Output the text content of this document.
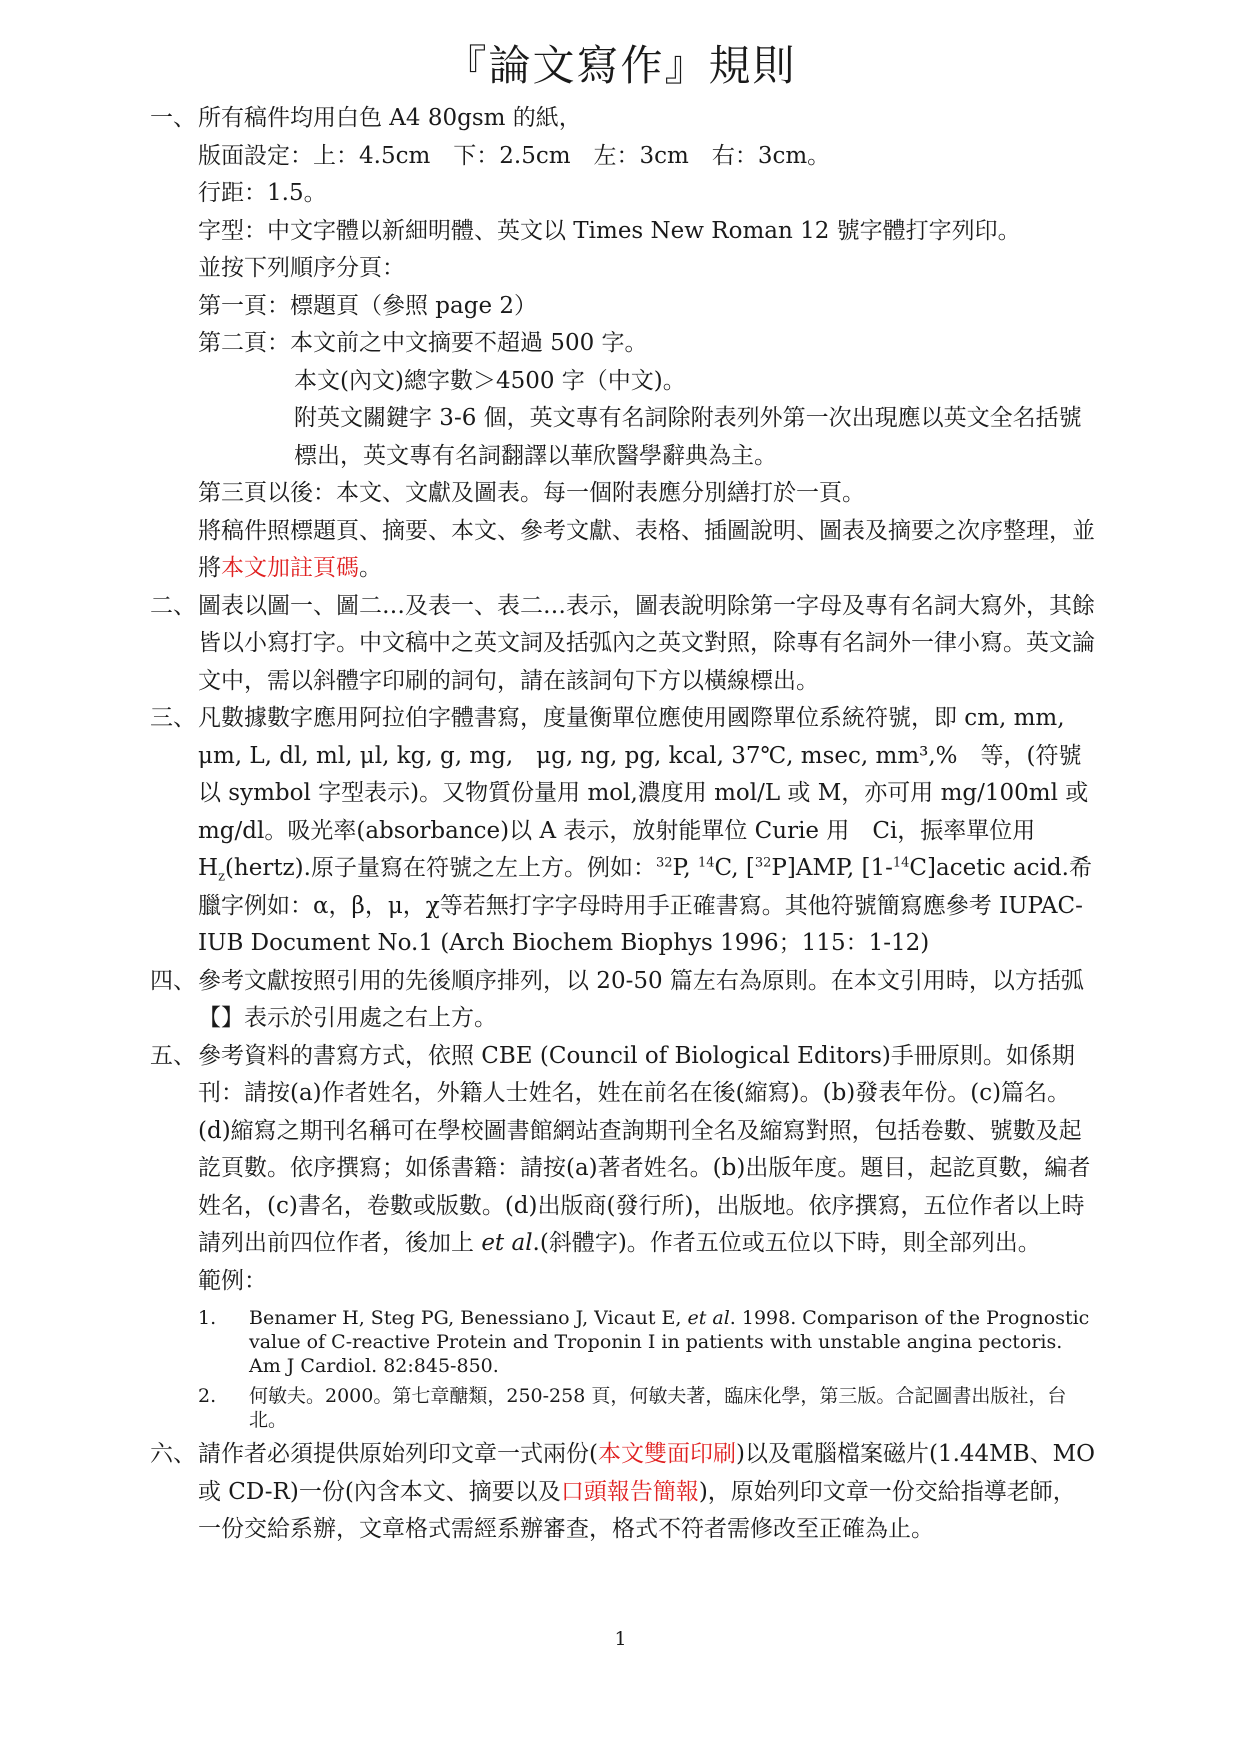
『論文寫作』規則
一、 所有稿件均用白色 A4 80gsm 的紙，

版面設定：上：4.5cm　下：2.5cm　左：3cm　右：3cm。

行距：1.5。

字型：中文字體以新細明體、英文以 Times New Roman 12 號字體打字列印。

並按下列順序分頁：

第一頁：標題頁（參照 page 2）

第二頁：本文前之中文摘要不超過 500 字。

本文(內文)總字數＞4500 字（中文)。

附英文關鍵字 3-6 個，英文專有名詞除附表列外第一次出現應以英文全名括號標出，英文專有名詞翻譯以華欣醫學辭典為主。

第三頁以後：本文、文獻及圖表。每一個附表應分別繕打於一頁。

將稿件照標題頁、摘要、本文、參考文獻、表格、插圖說明、圖表及摘要之次序整理，並將本文加註頁碼。

二、 圖表以圖一、圖二…及表一、表二…表示，圖表說明除第一字母及專有名詞大寫外，其餘皆以小寫打字。中文稿中之英文詞及括弧內之英文對照，除專有名詞外一律小寫。英文論文中，需以斜體字印刷的詞句，請在該詞句下方以橫線標出。

三、 凡數據數字應用阿拉伯字體書寫，度量衡單位應使用國際單位系統符號，即 cm, mm, μm, L, dl, ml, μl, kg, g, mg,　μg, ng, pg, kcal, 37℃, msec, mm³,%　等，(符號以 symbol 字型表示)。又物質份量用 mol,濃度用 mol/L 或 M，亦可用 mg/100ml 或 mg/dl。吸光率(absorbance)以 A 表示，放射能單位 Curie 用　Ci，振率單位用 $H_z(hertz)$.原子量寫在符號之左上方。例如：$^{32}$P, $^{14}$C, [$^{32}$P]AMP, [1-$^{14}$C]acetic acid.希臘字例如：α，β，μ，χ等若無打字字母時用手正確書寫。其他符號簡寫應參考 IUPAC-IUB Document No.1 (Arch Biochem Biophys 1996；115：1-12)

四、 參考文獻按照引用的先後順序排列，以 20-50 篇左右為原則。在本文引用時，以方括弧【】表示於引用處之右上方。

五、 參考資料的書寫方式，依照 CBE (Council of Biological Editors)手冊原則。如係期刊：請按(a)作者姓名，外籍人士姓名，姓在前名在後(縮寫)。(b)發表年份。(c)篇名。(d)縮寫之期刊名稱可在學校圖書館網站查詢期刊全名及縮寫對照，包括卷數、號數及起訖頁數。依序撰寫；如係書籍：請按(a)著者姓名。(b)出版年度。題目，起訖頁數，編者姓名，(c)書名，卷數或版數。(d)出版商(發行所)，出版地。依序撰寫，五位作者以上時請列出前四位作者，後加上 et al.(斜體字)。作者五位或五位以下時，則全部列出。

範例：

1. Benamer H, Steg PG, Benessiano J, Vicaut E, et al. 1998. Comparison of the Prognostic value of C-reactive Protein and Troponin I in patients with unstable angina pectoris. Am J Cardiol. 82:845-850.
2. 何敏夫。2000。第七章醣類，250-258 頁，何敏夫著，臨床化學，第三版。合記圖書出版社，台北。
六、 請作者必須提供原始列印文章一式兩份(本文雙面印刷)以及電腦檔案磁片(1.44MB、MO 或 CD-R)一份(內含本文、摘要以及口頭報告簡報)，原始列印文章一份交給指導老師，一份交給系辦，文章格式需經系辦審查，格式不符者需修改至正確為止。

1
